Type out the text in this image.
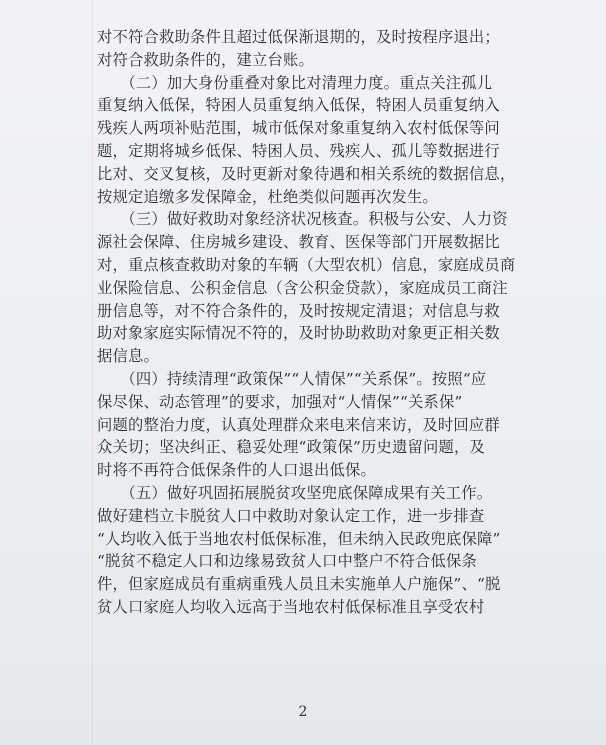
对不符合救助条件且超过低保渐退期的，及时按程序退出；
对符合救助条件的，建立台账。
　　（二）加大身份重叠对象比对清理力度。重点关注孤儿
重复纳入低保，特困人员重复纳入低保，特困人员重复纳入
残疾人两项补贴范围，城市低保对象重复纳入农村低保等问
题，定期将城乡低保、特困人员、残疾人、孤儿等数据进行
比对、交叉复核，及时更新对象待遇和相关系统的数据信息，
按规定追缴多发保障金，杜绝类似问题再次发生。
　　（三）做好救助对象经济状况核查。积极与公安、人力资
源社会保障、住房城乡建设、教育、医保等部门开展数据比
对，重点核查救助对象的车辆（大型农机）信息，家庭成员商
业保险信息、公积金信息（含公积金贷款），家庭成员工商注
册信息等，对不符合条件的，及时按规定清退；对信息与救
助对象家庭实际情况不符的，及时协助救助对象更正相关数
据信息。
　　（四）持续清理“政策保”“人情保”“关系保”。按照“应
保尽保、动态管理”的要求，加强对“人情保”“关系保”
问题的整治力度，认真处理群众来电来信来访，及时回应群
众关切；坚决纠正、稳妥处理“政策保”历史遗留问题，及
时将不再符合低保条件的人口退出低保。
　　（五）做好巩固拓展脱贫攻坚兜底保障成果有关工作。
做好建档立卡脱贫人口中救助对象认定工作，进一步排查
“人均收入低于当地农村低保标准，但未纳入民政兜底保障”
“脱贫不稳定人口和边缘易致贫人口中整户不符合低保条
件，但家庭成员有重病重残人员且未实施单人户施保”、“脱
贫人口家庭人均收入远高于当地农村低保标准且享受农村
2
